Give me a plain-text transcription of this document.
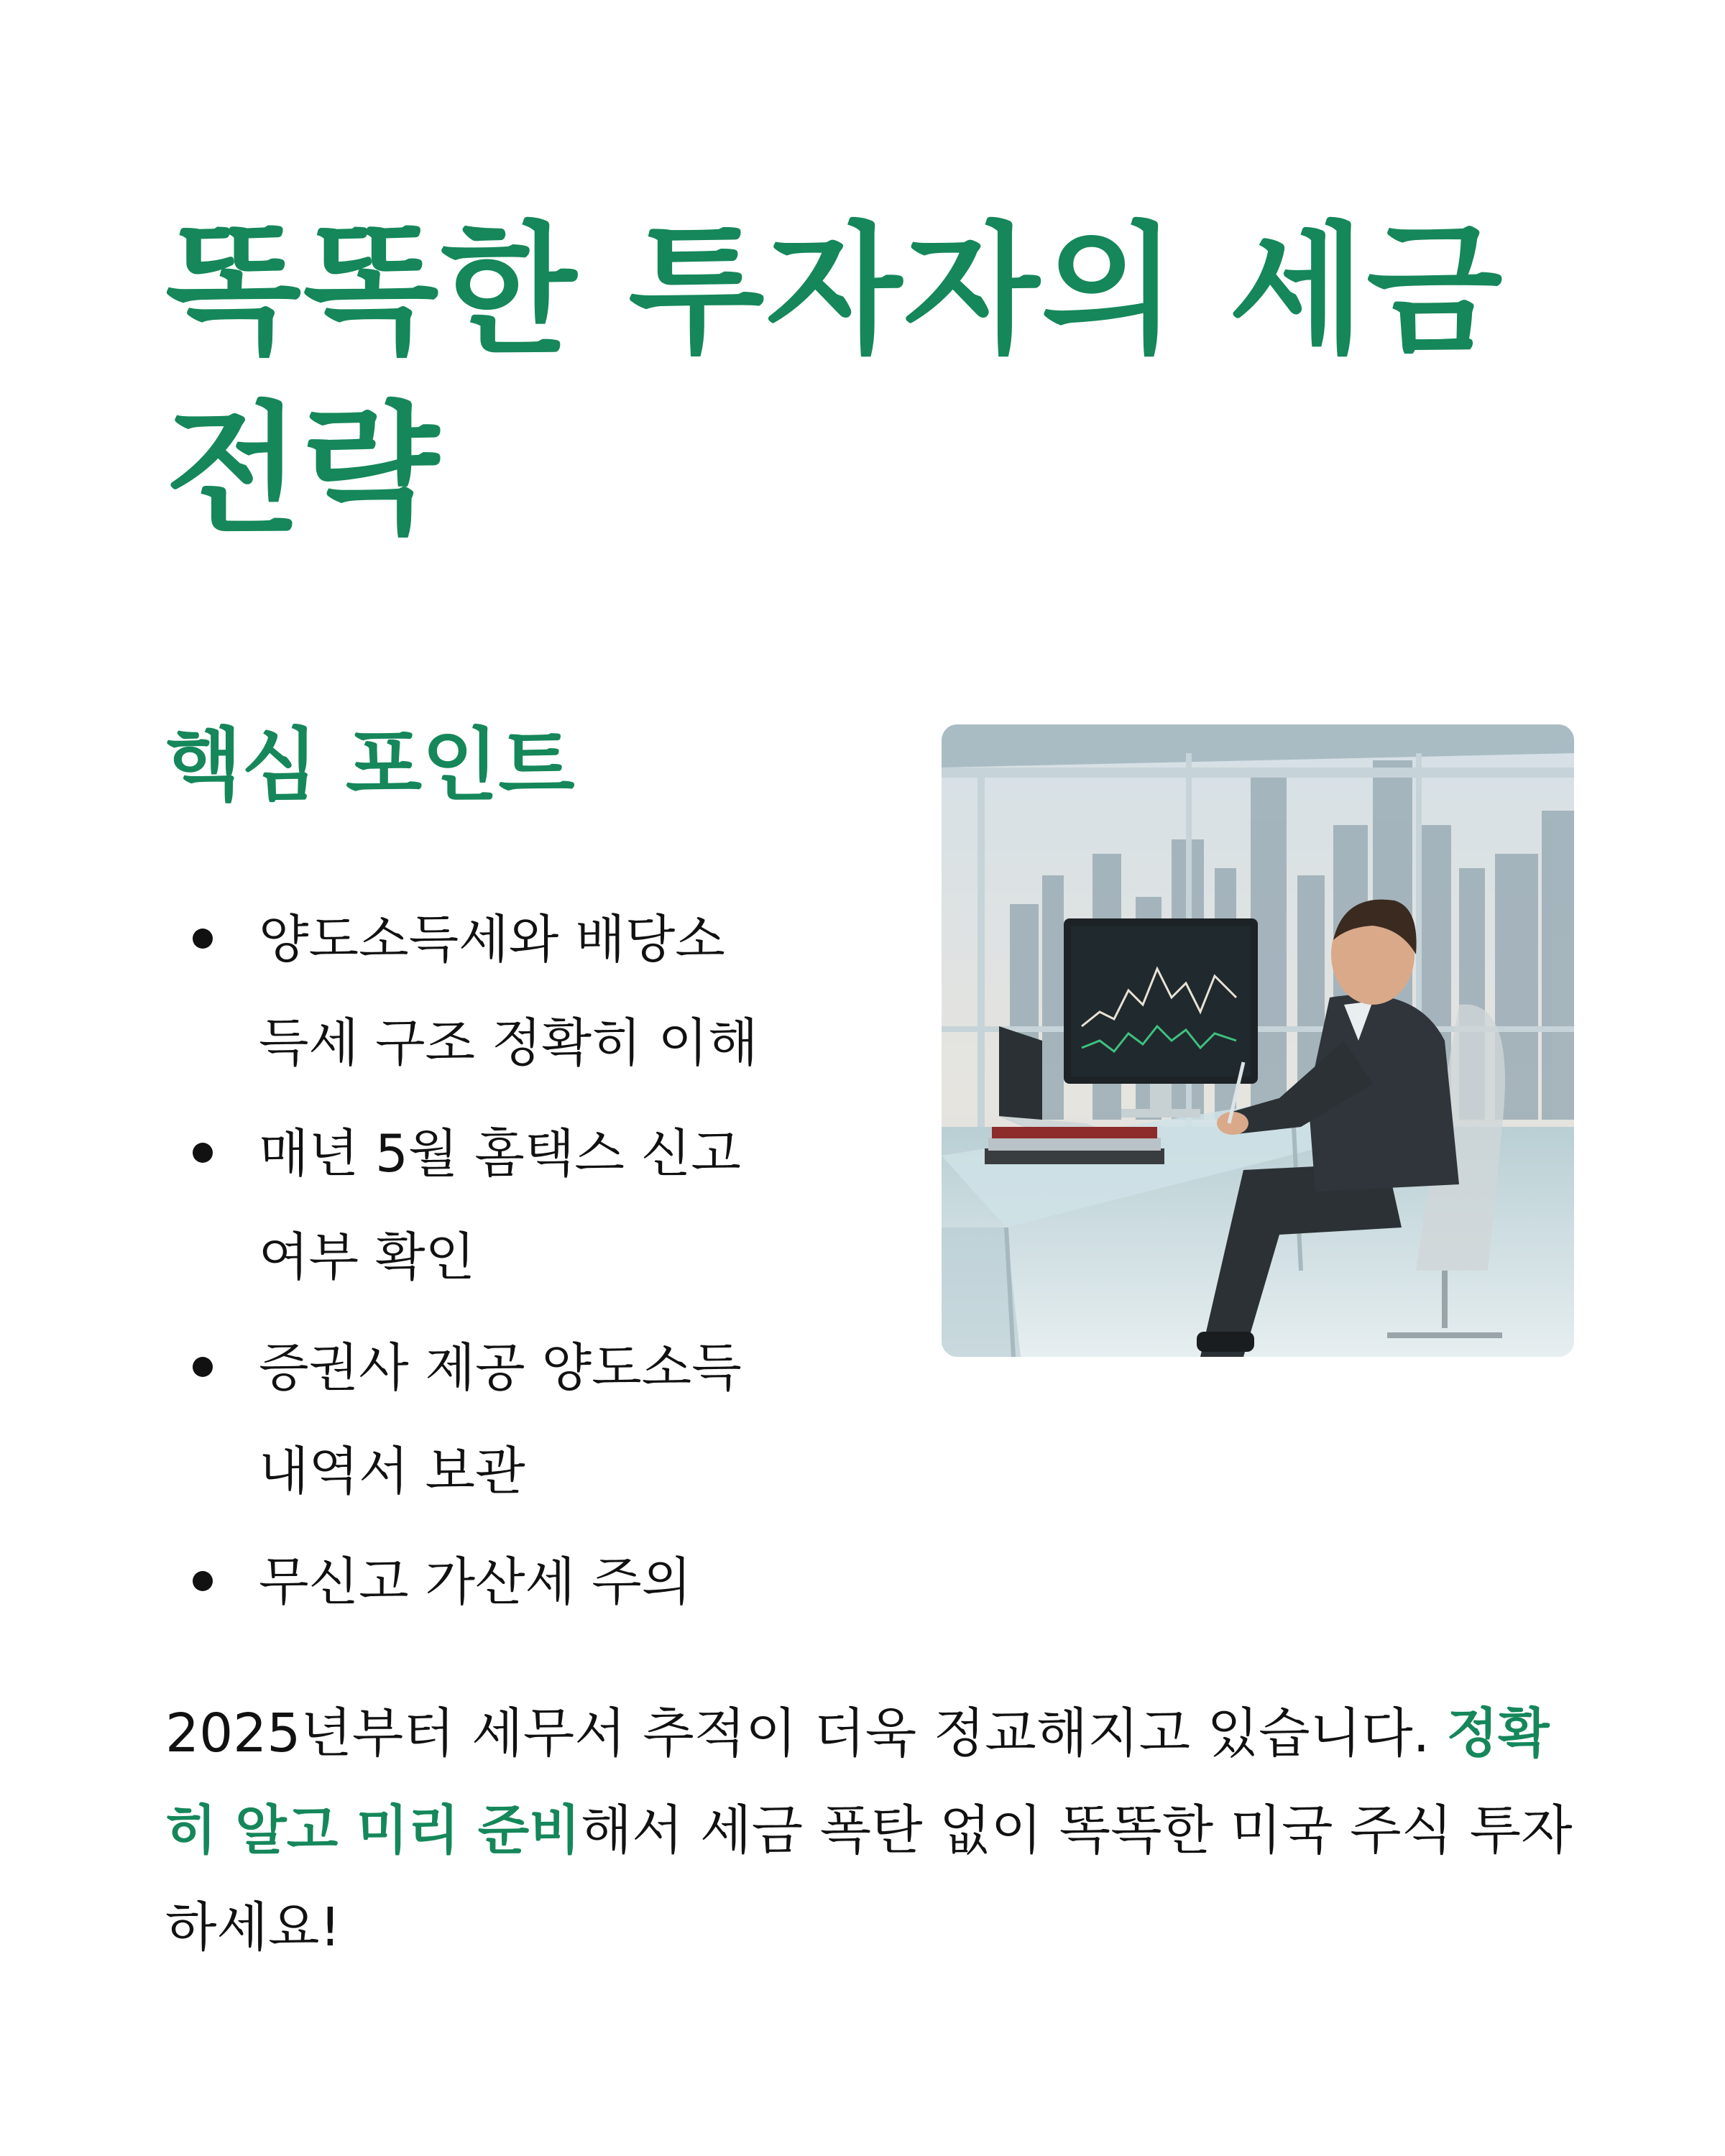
똑똑한 투자자의 세금
전략
핵심 포인트
양도소득세와 배당소
득세 구조 정확히 이해
매년 5월 홈택스 신고
여부 확인
증권사 제공 양도소득
내역서 보관
무신고 가산세 주의

2025년부터 세무서 추적이 더욱 정교해지고 있습니다. 정확히 알고 미리 준비해서 세금 폭탄 없이 똑똑한 미국 주식 투자 하세요!
